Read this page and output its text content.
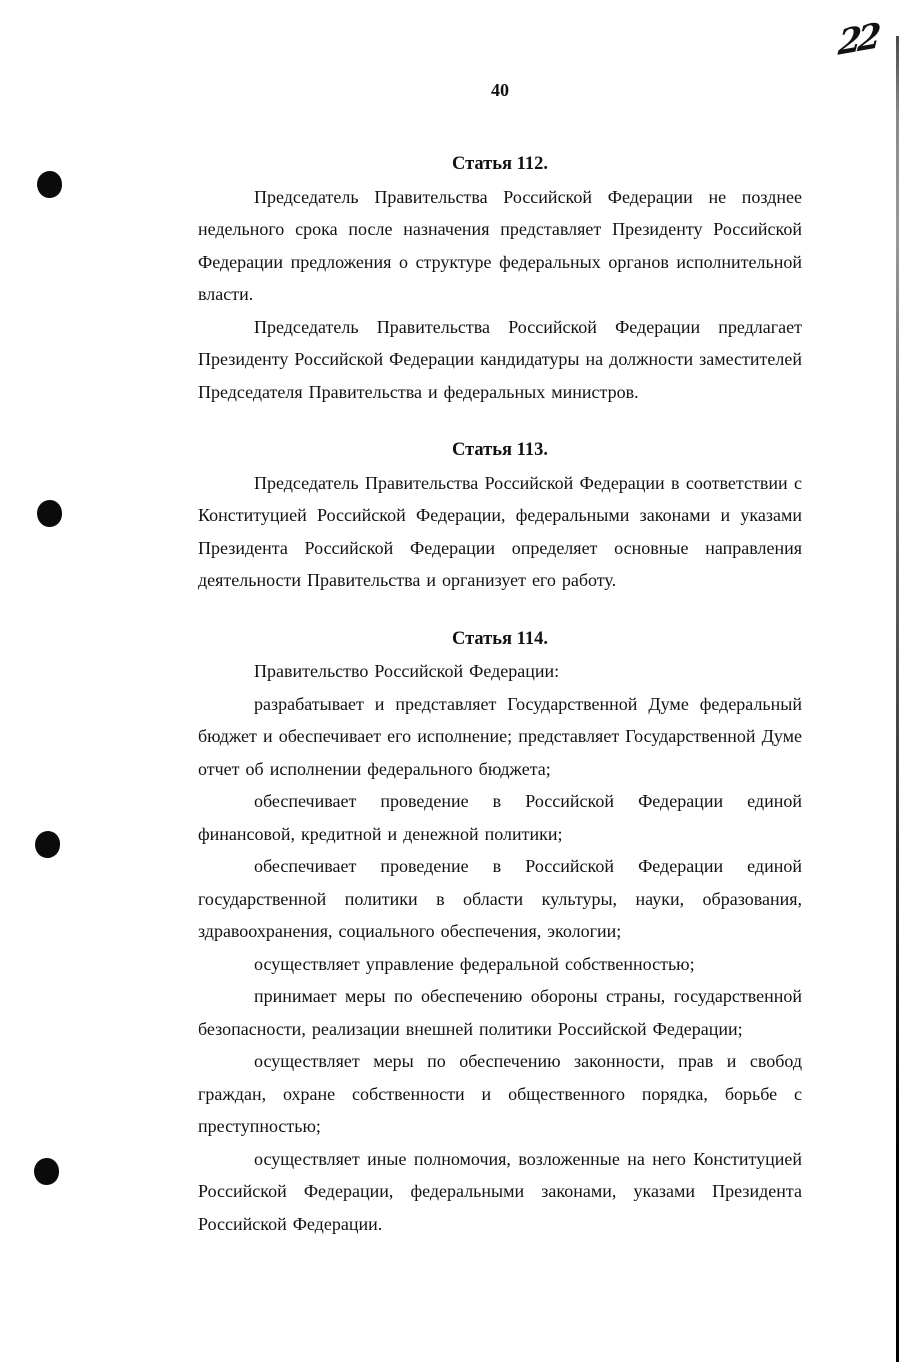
22
40
Статья 112.

Председатель Правительства Российской Федерации не позднее недельного срока после назначения представляет Президенту Российской Федерации предложения о структуре федеральных органов исполнительной власти.

Председатель Правительства Российской Федерации предлагает Президенту Российской Федерации кандидатуры на должности заместителей Председателя Правительства и федеральных министров.

Статья 113.

Председатель Правительства Российской Федерации в соответствии с Конституцией Российской Федерации, федеральными законами и указами Президента Российской Федерации определяет основные направления деятельности Правительства и организует его работу.

Статья 114.

Правительство Российской Федерации:

разрабатывает и представляет Государственной Думе федеральный бюджет и обеспечивает его исполнение; представляет Государственной Думе отчет об исполнении федерального бюджета;

обеспечивает проведение в Российской Федерации единой финансовой, кредитной и денежной политики;

обеспечивает проведение в Российской Федерации единой государственной политики в области культуры, науки, образования, здравоохранения, социального обеспечения, экологии;

осуществляет управление федеральной собственностью;

принимает меры по обеспечению обороны страны, государственной безопасности, реализации внешней политики Российской Федерации;

осуществляет меры по обеспечению законности, прав и свобод граждан, охране собственности и общественного порядка, борьбе с преступностью;

осуществляет иные полномочия, возложенные на него Конституцией Российской Федерации, федеральными законами, указами Президента Российской Федерации.
